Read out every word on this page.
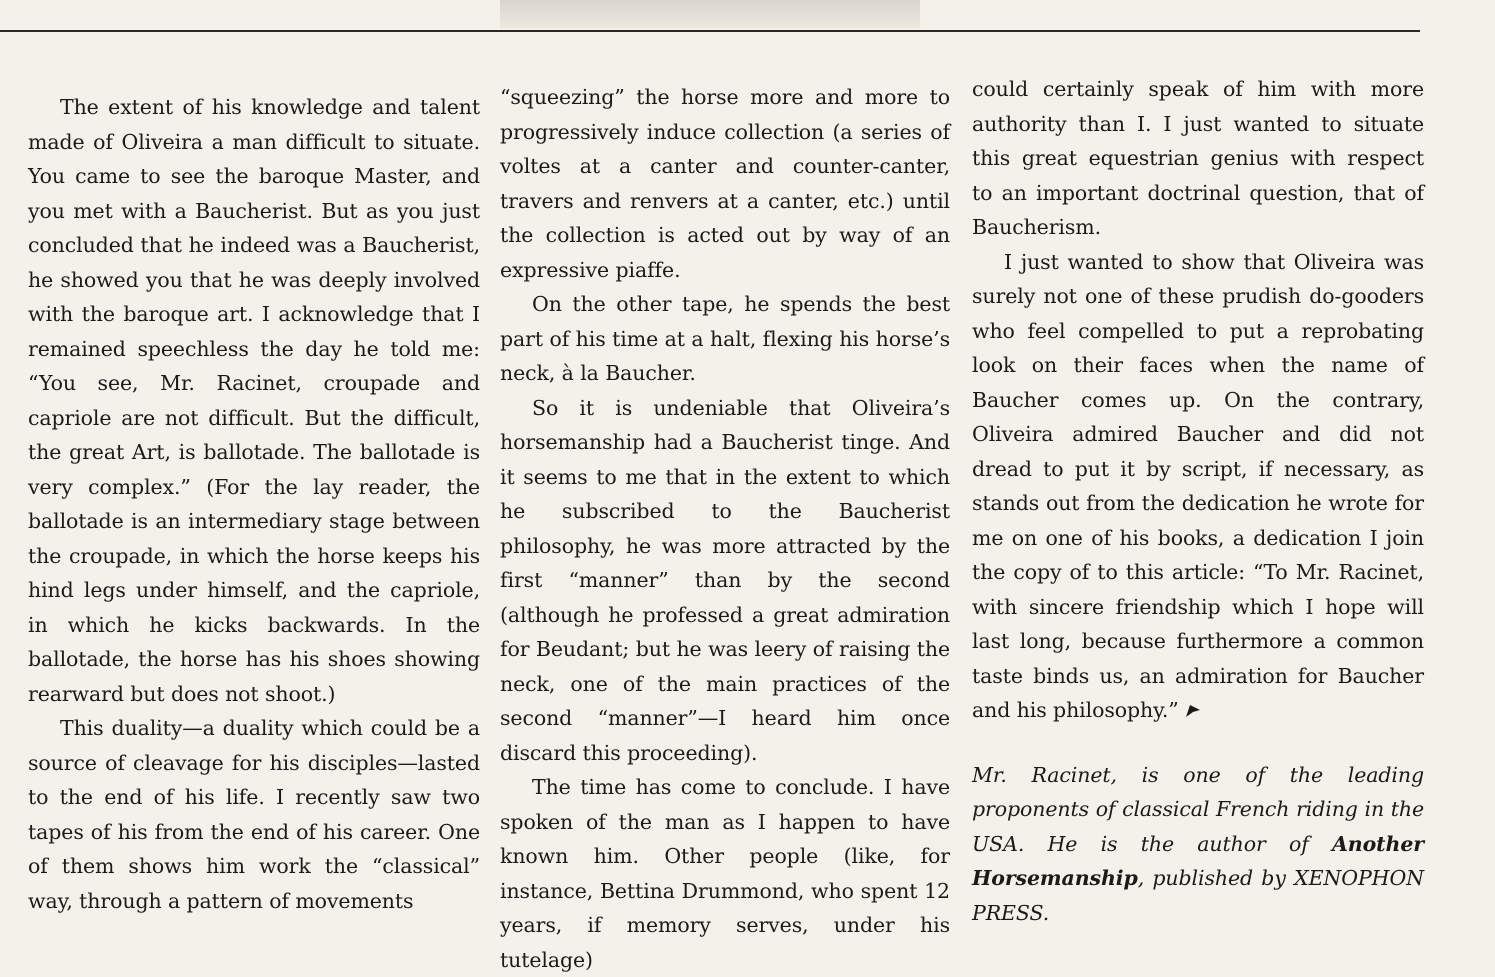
The extent of his knowledge and talent made of Oliveira a man difficult to situate. You came to see the baroque Master, and you met with a Baucherist. But as you just concluded that he indeed was a Baucherist, he showed you that he was deeply involved with the baroque art. I acknowledge that I remained speechless the day he told me: “You see, Mr. Racinet, croupade and capriole are not difficult. But the difficult, the great Art, is ballotade. The ballotade is very complex.” (For the lay reader, the ballotade is an intermediary stage between the croupade, in which the horse keeps his hind legs under himself, and the capriole, in which he kicks backwards. In the ballotade, the horse has his shoes showing rearward but does not shoot.)

This duality—a duality which could be a source of cleavage for his disciples—lasted to the end of his life. I recently saw two tapes of his from the end of his career. One of them shows him work the “classical” way, through a pattern of movements

“squeezing” the horse more and more to progressively induce collection (a series of voltes at a canter and counter-canter, travers and renvers at a canter, etc.) until the collection is acted out by way of an expressive piaffe.

On the other tape, he spends the best part of his time at a halt, flexing his horse’s neck, à la Baucher.

So it is undeniable that Oliveira’s horsemanship had a Baucherist tinge. And it seems to me that in the extent to which he subscribed to the Baucherist philosophy, he was more attracted by the first “manner” than by the second (although he professed a great admiration for Beudant; but he was leery of raising the neck, one of the main practices of the second “manner”—I heard him once discard this proceeding).

The time has come to conclude. I have spoken of the man as I happen to have known him. Other people (like, for instance, Bettina Drummond, who spent 12 years, if memory serves, under his tutelage)

could certainly speak of him with more authority than I. I just wanted to situate this great equestrian genius with respect to an important doctrinal question, that of Baucherism.

I just wanted to show that Oliveira was surely not one of these prudish do-gooders who feel compelled to put a reprobating look on their faces when the name of Baucher comes up. On the contrary, Oliveira admired Baucher and did not dread to put it by script, if necessary, as stands out from the dedication he wrote for me on one of his books, a dedication I join the copy of to this article: “To Mr. Racinet, with sincere friendship which I hope will last long, because furthermore a common taste binds us, an admiration for Baucher and his philosophy.”

Mr. Racinet, is one of the leading proponents of classical French riding in the USA. He is the author of Another Horsemanship, published by XENOPHON PRESS.
